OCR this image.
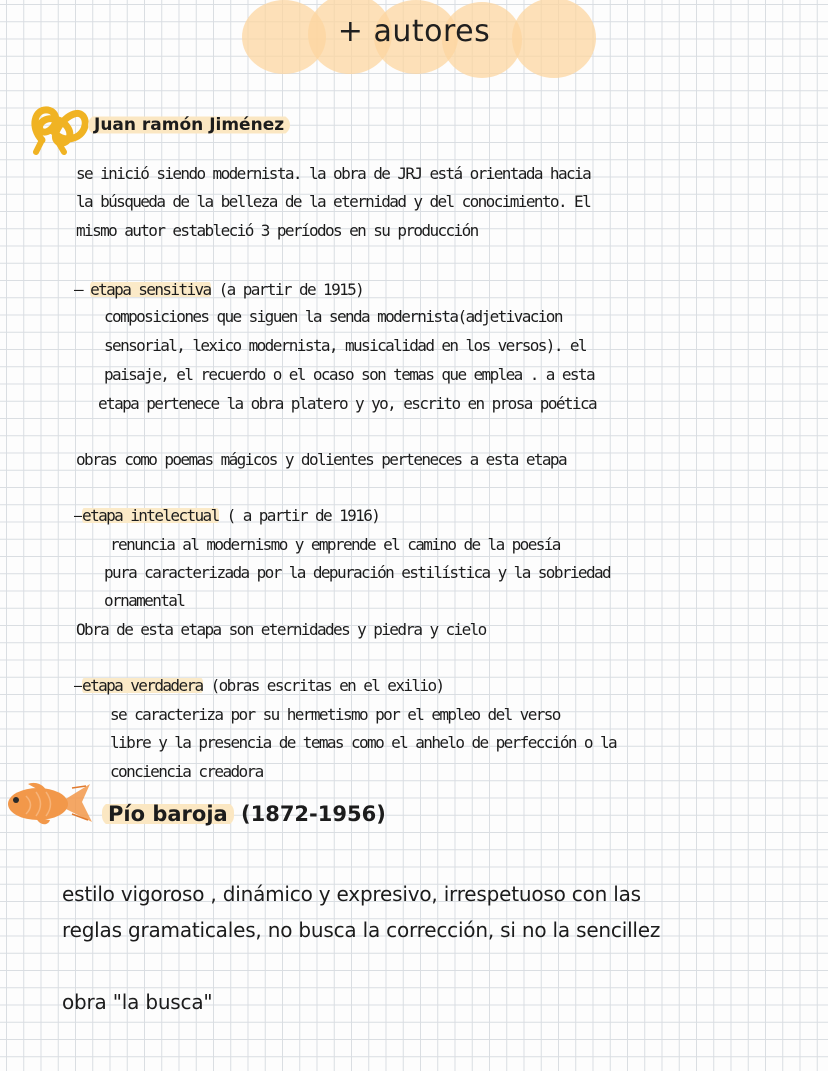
+ autores
Juan ramón Jiménez
se inició siendo modernista. la obra de JRJ está orientada hacia
la búsqueda de la belleza de la eternidad y del conocimiento. El
mismo autor estableció 3 períodos en su producción
– etapa sensitiva (a partir de 1915)
composiciones que siguen la senda modernista(adjetivacion
sensorial, lexico modernista, musicalidad en los versos). el
paisaje, el recuerdo o el ocaso son temas que emplea . a esta
etapa pertenece la obra platero y yo, escrito en prosa poética
obras como poemas mágicos y dolientes perteneces a esta etapa
–etapa intelectual ( a partir de 1916)
renuncia al modernismo y emprende el camino de la poesía
pura caracterizada por la depuración estilística y la sobriedad
ornamental
Obra de esta etapa son eternidades y piedra y cielo
–etapa verdadera (obras escritas en el exilio)
se caracteriza por su hermetismo por el empleo del verso
libre y la presencia de temas como el anhelo de perfección o la
conciencia creadora
Pío baroja (1872-1956)
estilo vigoroso , dinámico y expresivo, irrespetuoso con las
reglas gramaticales, no busca la corrección, si no la sencillez
obra "la busca"
